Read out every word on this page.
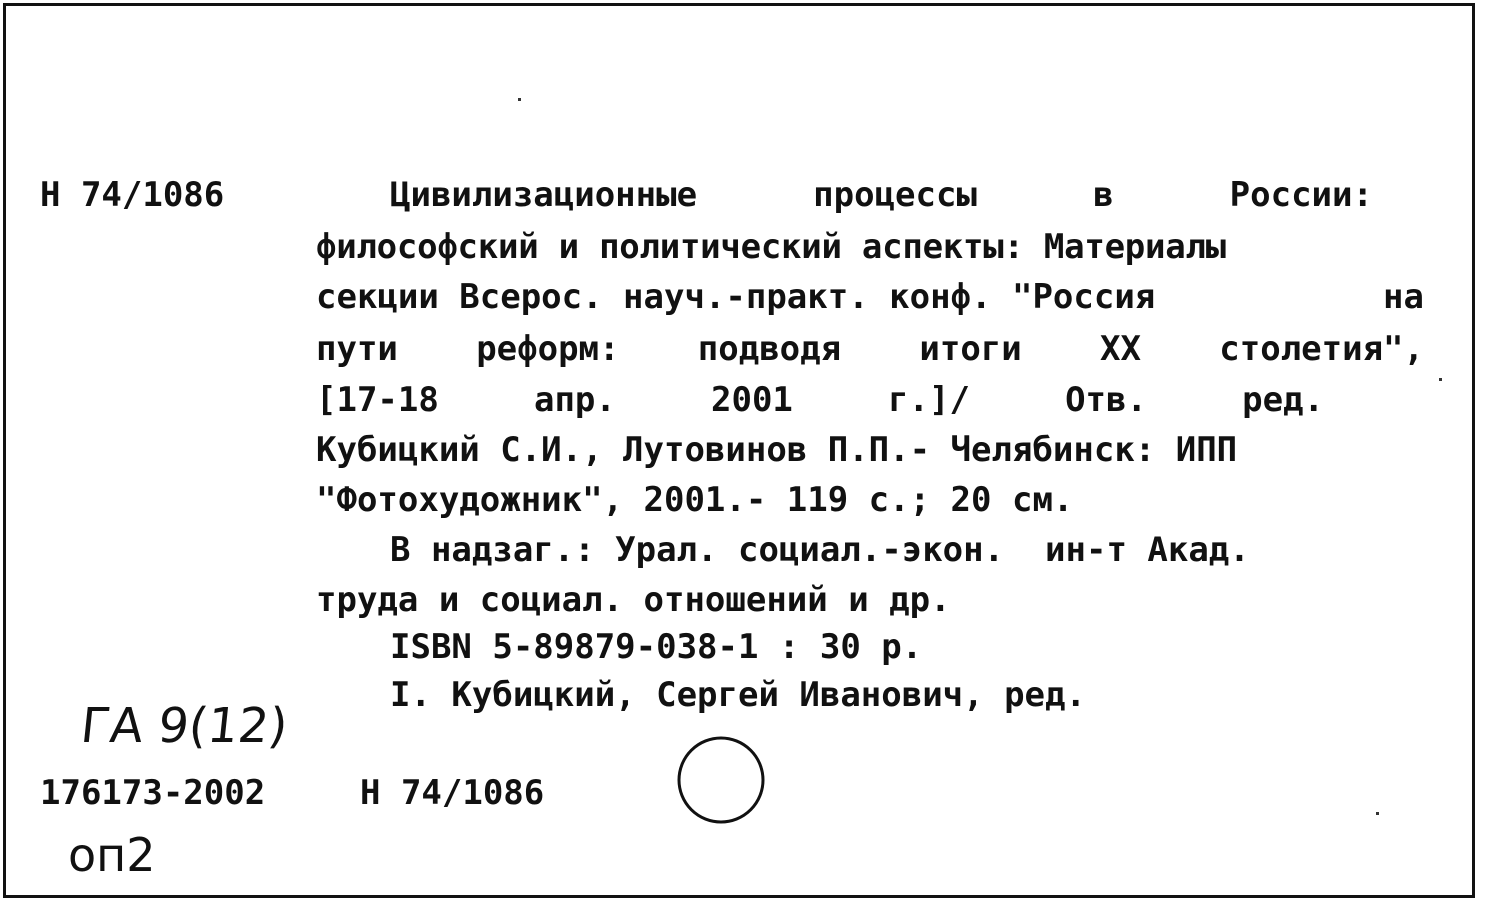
Н 74/1086	Цивилизационные	процессы	в	России:
философский и политический аспекты: Материалы
секции Всерос. науч.-практ. конф. "Россия	на
пути реформ: подводя итоги ХХ столетия",
[17-18	апр.	2001	г.]/	Отв.	ред.
Кубицкий С.И., Лутовинов П.П.- Челябинск: ИПП
"Фотохудожник", 2001.- 119 с.; 20 см.
В надзаг.: Урал. социал.-экон.  ин-т Акад.
труда и социал. отношений и др.
ISBN 5-89879-038-1 : 30 р.
I. Кубицкий, Сергей Иванович, ред.
ГА 9(12)
176173-2002	Н 74/1086
оп2
